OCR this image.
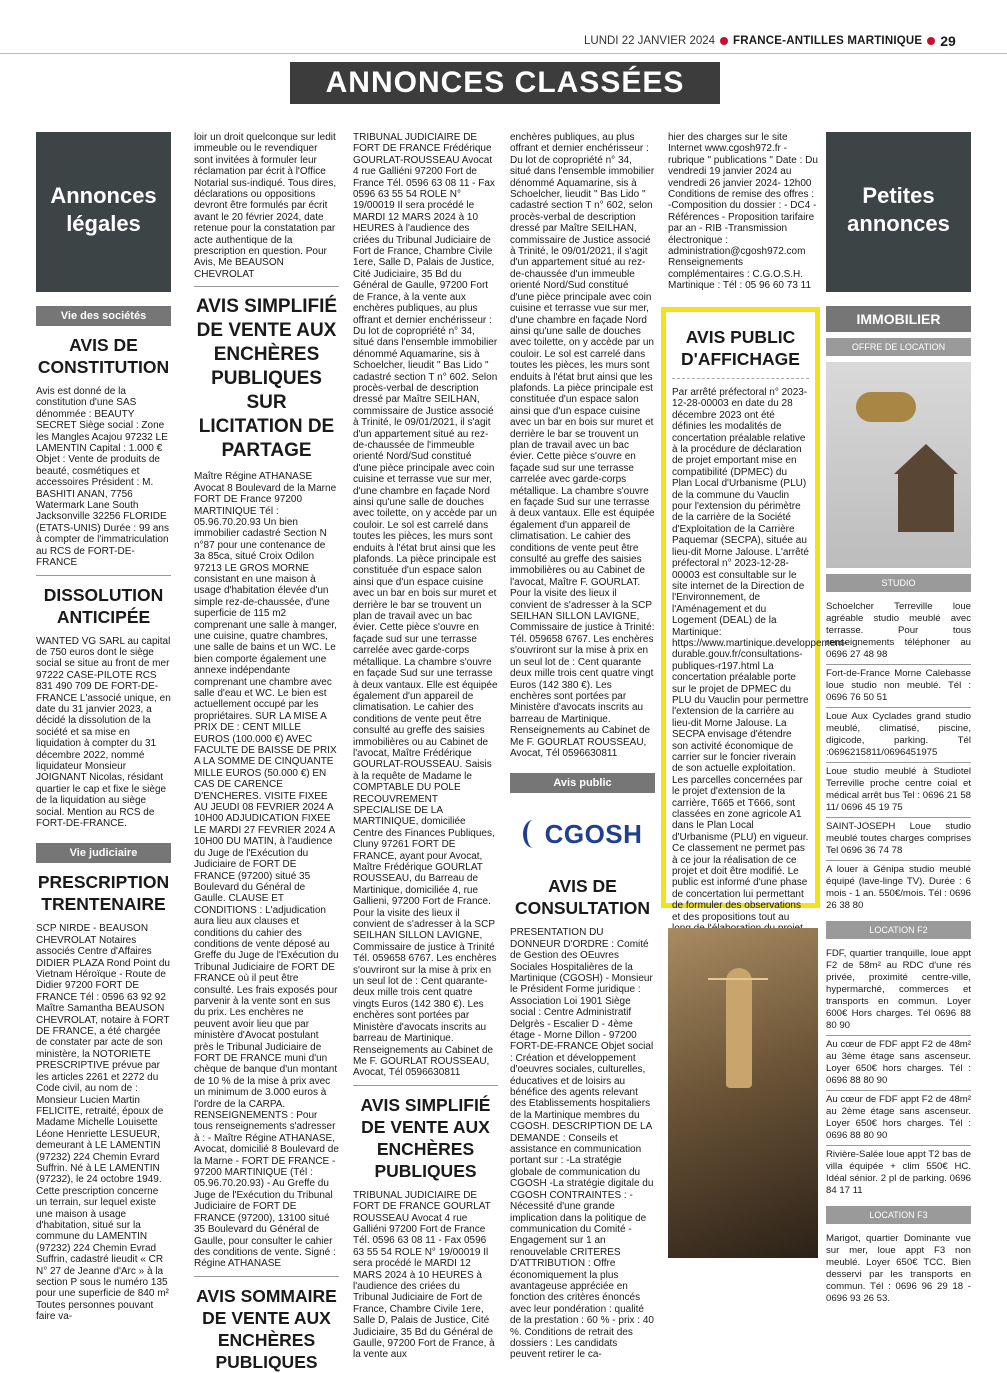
LUNDI 22 JANVIER 2024 FRANCE-ANTILLES MARTINIQUE 29
ANNONCES CLASSÉES
Annonces légales
Vie des sociétés
AVIS DE CONSTITUTION

Avis est donné de la constitution d'une SAS dénommée : BEAUTY SECRET Siège social : Zone les Mangles Acajou 97232 LE LAMENTIN Capital : 1.000 € Objet : Vente de produits de beauté, cosmétiques et accessoires Président : M. BASHITI ANAN, 7756 Watermark Lane South Jacksonville 32256 FLORIDE (ETATS-UNIS) Durée : 99 ans à compter de l'immatriculation au RCS de FORT-DE-FRANCE

DISSOLUTION ANTICIPÉE

WANTED VG SARL au capital de 750 euros dont le siège social se situe au front de mer 97222 CASE-PILOTE RCS 831 490 709 DE FORT-DE-FRANCE L'associé unique, en date du 31 janvier 2023, a décidé la dissolution de la société et sa mise en liquidation à compter du 31 décembre 2022, nommé liquidateur Monsieur JOIGNANT Nicolas, résidant quartier le cap et fixe le siège de la liquidation au siège social. Mention au RCS de FORT-DE-FRANCE.

Vie judiciaire
PRESCRIPTION TRENTENAIRE

SCP NIRDE - BEAUSON CHEVROLAT Notaires associés Centre d'Affaires DIDIER PLAZA Rond Point du Vietnam Héroïque - Route de Didier 97200 FORT DE FRANCE Tél : 0596 63 92 92 Maître Samantha BEAUSON CHEVROLAT, notaire à FORT DE FRANCE, a été chargée de constater par acte de son ministère, la NOTORIETE PRESCRIPTIVE prévue par les articles 2261 et 2272 du Code civil, au nom de : Monsieur Lucien Martin FELICITE, retraité, époux de Madame Michelle Louisette Léone Henriette LESUEUR, demeurant à LE LAMENTIN (97232) 224 Chemin Evrard Suffrin. Né à LE LAMENTIN (97232), le 24 octobre 1949. Cette prescription concerne un terrain, sur lequel existe une maison à usage d'habitation, situé sur la commune du LAMENTIN (97232) 224 Chemin Evrad Suffrin, cadastré lieudit « CR N° 27 de Jeanne d'Arc » à la section P sous le numéro 135 pour une superficie de 840 m² Toutes personnes pouvant faire va-

loir un droit quelconque sur ledit immeuble ou le revendiquer sont invitées à formuler leur réclamation par écrit à l'Office Notarial sus-indiqué. Tous dires, déclarations ou oppositions devront être formulés par écrit avant le 20 février 2024, date retenue pour la constatation par acte authentique de la prescription en question. Pour Avis, Me BEAUSON CHEVROLAT

AVIS SIMPLIFIÉ DE VENTE AUX ENCHÈRES PUBLIQUES SUR LICITATION DE PARTAGE

Maître Régine ATHANASE Avocat 8 Boulevard de la Marne FORT DE France 97200 MARTINIQUE Tél : 05.96.70.20.93 Un bien immobilier cadastré Section N n°87 pour une contenance de 3a 85ca, situé Croix Odilon 97213 LE GROS MORNE consistant en une maison à usage d'habitation élevée d'un simple rez-de-chaussée, d'une superficie de 115 m2 comprenant une salle à manger, une cuisine, quatre chambres, une salle de bains et un WC. Le bien comporte également une annexe indépendante comprenant une chambre avec salle d'eau et WC. Le bien est actuellement occupé par les propriétaires. SUR LA MISE A PRIX DE : CENT MILLE EUROS (100.000 €) AVEC FACULTE DE BAISSE DE PRIX A LA SOMME DE CINQUANTE MILLE EUROS (50.000 €) EN CAS DE CARENCE D'ENCHERES. VISITE FIXEE AU JEUDI 08 FEVRIER 2024 A 10H00 ADJUDICATION FIXEE LE MARDI 27 FEVRIER 2024 A 10H00 DU MATIN, à l'audience du Juge de l'Exécution du Judiciaire de FORT DE FRANCE (97200) situé 35 Boulevard du Général de Gaulle. CLAUSE ET CONDITIONS : L'adjudication aura lieu aux clauses et conditions du cahier des conditions de vente déposé au Greffe du Juge de l'Exécution du Tribunal Judiciaire de FORT DE FRANCE où il peut être consulté. Les frais exposés pour parvenir à la vente sont en sus du prix. Les enchères ne peuvent avoir lieu que par ministère d'Avocat postulant près le Tribunal Judiciaire de FORT DE FRANCE muni d'un chèque de banque d'un montant de 10 % de la mise à prix avec un minimum de 3.000 euros à l'ordre de la CARPA. RENSEIGNEMENTS : Pour tous renseignements s'adresser à : - Maître Régine ATHANASE, Avocat, domicilié 8 Boulevard de la Marne - FORT DE FRANCE - 97200 MARTINIQUE (Tél : 05.96.70.20.93) - Au Greffe du Juge de l'Exécution du Tribunal Judiciaire de FORT DE FRANCE (97200), 13100 situé 35 Boulevard du Général de Gaulle, pour consulter le cahier des conditions de vente. Signé : Régine ATHANASE

AVIS SOMMAIRE DE VENTE AUX ENCHÈRES PUBLIQUES

TRIBUNAL JUDICIAIRE DE FORT DE FRANCE Frédérique GOURLAT-ROUSSEAU Avocat 4 rue Galliéni 97200 Fort de France Tél. 0596 63 08 11 - Fax 0596 63 55 54 ROLE N° 19/00019 Il sera procédé le MARDI 12 MARS 2024 à 10 HEURES à l'audience des criées du Tribunal Judiciaire de Fort de France, Chambre Civile 1ere, Salle D, Palais de Justice, Cité Judiciaire, 35 Bd du Général de Gaulle, 97200 Fort de France, à la vente aux enchères publiques, au plus offrant et dernier enchérisseur : Du lot de copropriété n° 34, situé dans l'ensemble immobilier dénommé Aquamarine, sis à Schoelcher, lieudit " Bas Lido " cadastré section T n° 602. Selon procès-verbal de description dressé par Maître SEILHAN, commissaire de Justice associé à Trinité, le 09/01/2021, il s'agit d'un appartement situé au rez-de-chaussée de l'immeuble orienté Nord/Sud constitué d'une pièce principale avec coin cuisine et terrasse vue sur mer, d'une chambre en façade Nord ainsi qu'une salle de douches avec toilette, on y accède par un couloir. Le sol est carrelé dans toutes les pièces, les murs sont enduits à l'état brut ainsi que les plafonds. La pièce principale est constituée d'un espace salon ainsi que d'un espace cuisine avec un bar en bois sur muret et derrière le bar se trouvent un plan de travail avec un bac évier. Cette pièce s'ouvre en façade sud sur une terrasse carrelée avec garde-corps métallique. La chambre s'ouvre en façade Sud sur une terrasse à deux vantaux. Elle est équipée également d'un appareil de climatisation. Le cahier des conditions de vente peut être consulté au greffe des saisies immobilières ou au Cabinet de l'avocat, Maître Frédérique GOURLAT-ROUSSEAU. Saisis à la requête de Madame le COMPTABLE DU POLE RECOUVREMENT SPECIALISE DE LA MARTINIQUE, domiciliée Centre des Finances Publiques, Cluny 97261 FORT DE FRANCE, ayant pour Avocat, Maître Frédérique GOURLAT ROUSSEAU, du Barreau de Martinique, domiciliée 4, rue Gallieni, 97200 Fort de France. Pour la visite des lieux il convient de s'adresser à la SCP SEILHAN SILLON LAVIGNE, Commissaire de justice à Trinité Tél. 059658 6767. Les enchères s'ouvriront sur la mise à prix en un seul lot de : Cent quarante-deux mille trois cent quatre vingts Euros (142 380 €). Les enchères sont portées par Ministère d'avocats inscrits au barreau de Martinique. Renseignements au Cabinet de Me F. GOURLAT ROUSSEAU, Avocat, Tél 0596630811

AVIS SIMPLIFIÉ DE VENTE AUX ENCHÈRES PUBLIQUES

TRIBUNAL JUDICIAIRE DE FORT DE FRANCE GOURLAT ROUSSEAU Avocat 4 rue Galliéni 97200 Fort de France Tél. 0596 63 08 11 - Fax 0596 63 55 54 ROLE N° 19/00019 Il sera procédé le MARDI 12 MARS 2024 à 10 HEURES à l'audience des criées du Tribunal Judiciaire de Fort de France, Chambre Civile 1ere, Salle D, Palais de Justice, Cité Judiciaire, 35 Bd du Général de Gaulle, 97200 Fort de France, à la vente aux

enchères publiques, au plus offrant et dernier enchérisseur : Du lot de copropriété n° 34, situé dans l'ensemble immobilier dénommé Aquamarine, sis à Schoelcher, lieudit " Bas Lido " cadastré section T n° 602, selon procès-verbal de description dressé par Maître SEILHAN, commissaire de Justice associé à Trinité, le 09/01/2021, il s'agit d'un appartement situé au rez-de-chaussée d'un immeuble orienté Nord/Sud constitué d'une pièce principale avec coin cuisine et terrasse vue sur mer, d'une chambre en façade Nord ainsi qu'une salle de douches avec toilette, on y accède par un couloir. Le sol est carrelé dans toutes les pièces, les murs sont enduits à l'état brut ainsi que les plafonds. La pièce principale est constituée d'un espace salon ainsi que d'un espace cuisine avec un bar en bois sur muret et derrière le bar se trouvent un plan de travail avec un bac évier. Cette pièce s'ouvre en façade sud sur une terrasse carrelée avec garde-corps métallique. La chambre s'ouvre en façade Sud sur une terrasse à deux vantaux. Elle est équipée également d'un appareil de climatisation. Le cahier des conditions de vente peut être consulté au greffe des saisies immobilières ou au Cabinet de l'avocat, Maître F. GOURLAT. Pour la visite des lieux il convient de s'adresser à la SCP SEILHAN SILLON LAVIGNE, Commissaire de justice à Trinité: Tél. 059658 6767. Les enchères s'ouvriront sur la mise à prix en un seul lot de : Cent quarante deux mille trois cent quatre vingt Euros (142 380 €). Les enchères sont portées par Ministère d'avocats inscrits au barreau de Martinique. Renseignements au Cabinet de Me F. GOURLAT ROUSSEAU, Avocat, Tél 0596630811

Avis public
CGOSH
AVIS DE CONSULTATION

PRESENTATION DU DONNEUR D'ORDRE : Comité de Gestion des OEuvres Sociales Hospitalières de la Martinique (CGOSH) - Monsieur le Président Forme juridique : Association Loi 1901 Siège social : Centre Administratif Delgrès - Escalier D - 4ème étage - Morne Dillon - 97200 FORT-DE-FRANCE Objet social : Création et développement d'oeuvres sociales, culturelles, éducatives et de loisirs au bénéfice des agents relevant des Etablissements hospitaliers de la Martinique membres du CGOSH. DESCRIPTION DE LA DEMANDE : Conseils et assistance en communication portant sur : -La stratégie globale de communication du CGOSH -La stratégie digitale du CGOSH CONTRAINTES : - Nécessité d'une grande implication dans la politique de communication du Comité - Engagement sur 1 an renouvelable CRITERES D'ATTRIBUTION : Offre économiquement la plus avantageuse appréciée en fonction des critères énoncés avec leur pondération : qualité de la prestation : 60 % - prix : 40 %. Conditions de retrait des dossiers : Les candidats peuvent retirer le ca-

hier des charges sur le site Internet www.cgosh972.fr - rubrique " publications " Date : Du vendredi 19 janvier 2024 au vendredi 26 janvier 2024- 12h00 Conditions de remise des offres : -Composition du dossier : - DC4 - Références - Proposition tarifaire par an - RIB -Transmission électronique : administration@cgosh972.com Renseignements complémentaires : C.G.O.S.H. Martinique : Tél : 05 96 60 73 11

AVIS PUBLIC D'AFFICHAGE

Par arrêté préfectoral n° 2023-12-28-00003 en date du 28 décembre 2023 ont été définies les modalités de concertation préalable relative à la procédure de déclaration de projet emportant mise en compatibilité (DPMEC) du Plan Local d'Urbanisme (PLU) de la commune du Vauclin pour l'extension du périmètre de la carrière de la Société d'Exploitation de la Carrière Paquemar (SECPA), située au lieu-dit Morne Jalouse. L'arrêté préfectoral n° 2023-12-28-00003 est consultable sur le site internet de la Direction de l'Environnement, de l'Aménagement et du Logement (DEAL) de la Martinique: https://www.martinique.developpement-durable.gouv.fr/consultations-publiques-r197.html La concertation préalable porte sur le projet de DPMEC du PLU du Vauclin pour permettre l'extension de la carrière au lieu-dit Morne Jalouse. La SECPA envisage d'étendre son activité économique de carrier sur le foncier riverain de son actuelle exploitation. Les parcelles concernées par le projet d'extension de la carrière, T665 et T666, sont classées en zone agricole A1 dans le Plan Local d'Urbanisme (PLU) en vigueur. Ce classement ne permet pas à ce jour la réalisation de ce projet et doit être modifié. Le public est informé d'une phase de concertation lui permettant de formuler des observations et des propositions tout au

Petites annonces
IMMOBILIER
OFFRE DE LOCATION
STUDIO
Schoelcher Terreville loue agréable studio meublé avec terrasse. Pour tous renseignements téléphoner au 0696 27 48 98
Fort-de-France Morne Calebasse loue studio non meublé. Tél : 0696 76 50 51
Loue Aux Cyclades grand studio meublé, climatisé, piscine, digicode, parking. Tél :0696215811/0696451975
Loue studio meublé à Studiotel Terreville proche centre coial et médical arrêt bus Tel : 0696 21 58 11/ 0696 45 19 75
SAINT-JOSEPH Loue studio meublé toutes charges comprises Tel 0696 36 74 78
A louer à Génipa studio meublé équipé (lave-linge TV). Durée : 6 mois - 1 an. 550€/mois. Tél : 0696 26 38 80
LOCATION F2
FDF, quartier tranquille, loue appt F2 de 58m² au RDC d'une rés privée, proximité centre-ville, hypermarché, commerces et transports en commun. Loyer 600€ Hors charges. Tél 0696 88 80 90
Au cœur de FDF appt F2 de 48m² au 3ème étage sans ascenseur. Loyer 650€ hors charges. Tél : 0696 88 80 90
Au cœur de FDF appt F2 de 48m² au 2ème étage sans ascenseur. Loyer 650€ hors charges. Tél : 0696 88 80 90
Rivière-Salée loue appt T2 bas de villa équipée + clim 550€ HC. Idéal sénior. 2 pl de parking. 0696 84 17 11
LOCATION F3
Marigot, quartier Dominante vue sur mer, loue appt F3 non meublé. Loyer 650€ TCC. Bien desservi par les transports en commun. Tél : 0696 96 29 18 - 0696 93 26 53.
